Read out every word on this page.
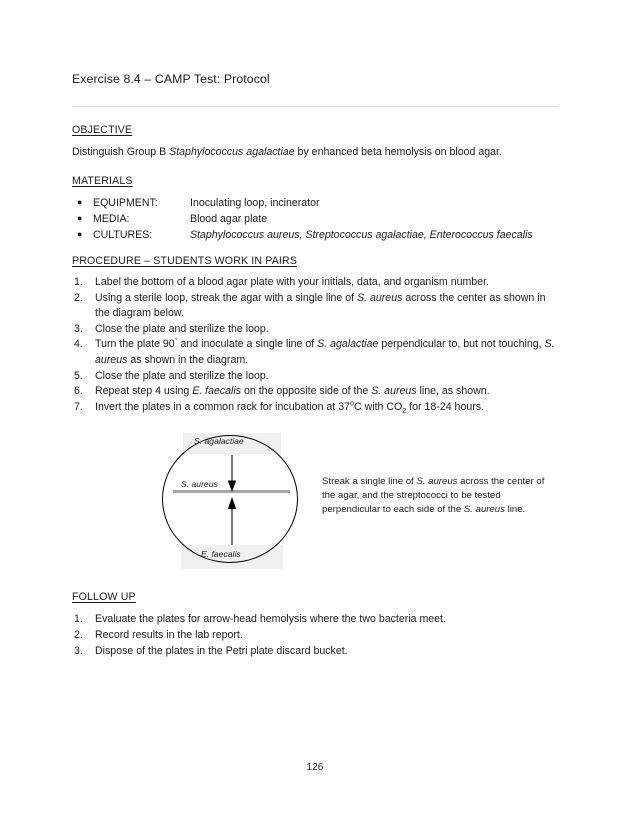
Exercise 8.4 – CAMP Test: Protocol
OBJECTIVE
Distinguish Group B Staphylococcus agalactiae by enhanced beta hemolysis on blood agar.
MATERIALS
● EQUIPMENT:	Inoculating loop, incinerator
● MEDIA:	Blood agar plate
● CULTURES:	Staphylococcus aureus, Streptococcus agalactiae, Enterococcus faecalis
PROCEDURE – STUDENTS WORK IN PAIRS
1.	Label the bottom of a blood agar plate with your initials, data, and organism number.
2.	Using a sterile loop, streak the agar with a single line of S. aureus across the center as shown in the diagram below.
3.	Close the plate and sterilize the loop.
4.	Turn the plate 90° and inoculate a single line of S. agalactiae perpendicular to, but not touching, S. aureus as shown in the diagram.
5.	Close the plate and sterilize the loop.
6.	Repeat step 4 using E. faecalis on the opposite side of the S. aureus line, as shown.
7.	Invert the plates in a common rack for incubation at 37$^o$C with $CO_2$ for 18-24 hours.
S. agalactiae
S. aureus
E. faecalis
Streak a single line of S. aureus across the center of the agar, and the streptococci to be tested perpendicular to each side of the S. aureus line.
FOLLOW UP
1.	Evaluate the plates for arrow-head hemolysis where the two bacteria meet.
2.	Record results in the lab report.
3.	Dispose of the plates in the Petri plate discard bucket.
126
